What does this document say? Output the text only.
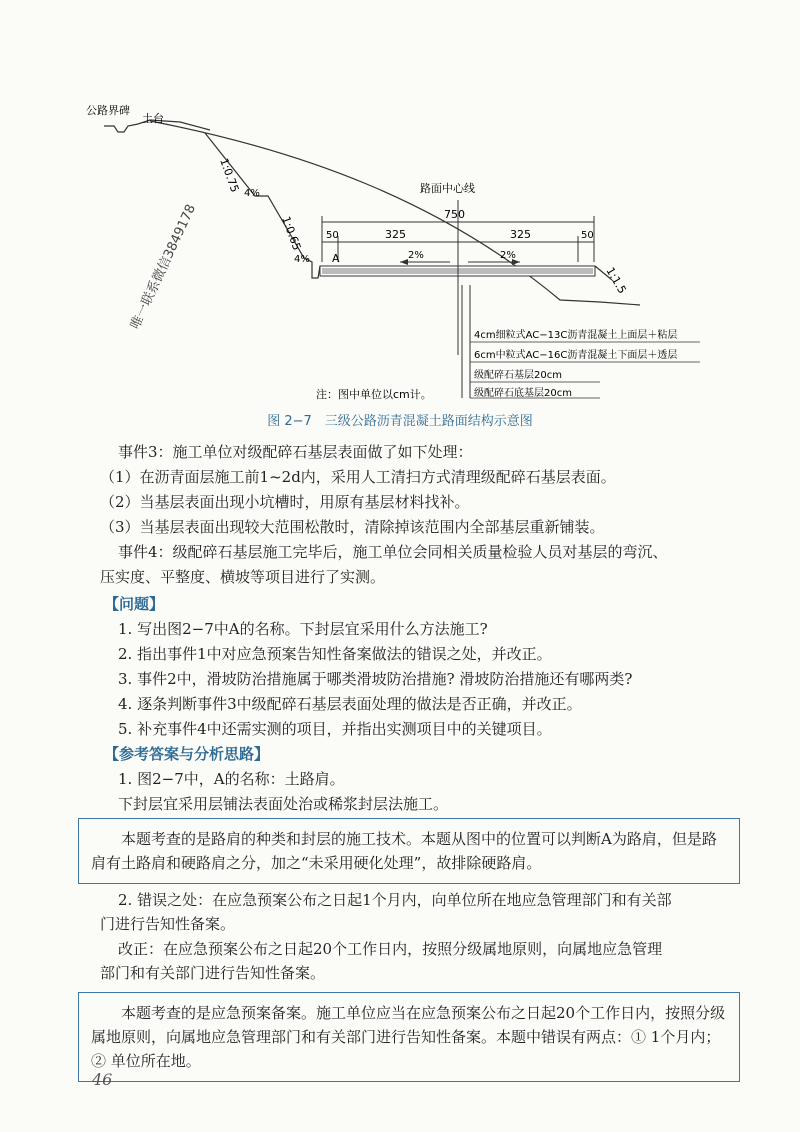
公路界碑
土台
路面中心线
1:0.75
1:0.65
1:1.5
4%
4%
750
50	325	325	50
A	2%	2%
4cm细粒式AC−13C沥青混凝土上面层＋粘层
6cm中粒式AC−16C沥青混凝土下面层＋透层
级配碎石基层20cm
级配碎石底基层20cm
注：图中单位以cm计。
唯一联系微信3849178
图 2−7　三级公路沥青混凝土路面结构示意图
事件3：施工单位对级配碎石基层表面做了如下处理：
（1）在沥青面层施工前1~2d内，采用人工清扫方式清理级配碎石基层表面。
（2）当基层表面出现小坑槽时，用原有基层材料找补。
（3）当基层表面出现较大范围松散时，清除掉该范围内全部基层重新铺装。
事件4：级配碎石基层施工完毕后，施工单位会同相关质量检验人员对基层的弯沉、
压实度、平整度、横坡等项目进行了实测。
【问题】
1. 写出图2−7中A的名称。下封层宜采用什么方法施工?
2. 指出事件1中对应急预案告知性备案做法的错误之处，并改正。
3. 事件2中，滑坡防治措施属于哪类滑坡防治措施? 滑坡防治措施还有哪两类?
4. 逐条判断事件3中级配碎石基层表面处理的做法是否正确，并改正。
5. 补充事件4中还需实测的项目，并指出实测项目中的关键项目。
【参考答案与分析思路】
1. 图2−7中，A的名称：土路肩。
下封层宜采用层铺法表面处治或稀浆封层法施工。
本题考查的是路肩的种类和封层的施工技术。本题从图中的位置可以判断A为路肩，但是路肩有土路肩和硬路肩之分，加之“未采用硬化处理”，故排除硬路肩。
2. 错误之处：在应急预案公布之日起1个月内，向单位所在地应急管理部门和有关部
门进行告知性备案。
改正：在应急预案公布之日起20个工作日内，按照分级属地原则，向属地应急管理
部门和有关部门进行告知性备案。
本题考查的是应急预案备案。施工单位应当在应急预案公布之日起20个工作日内，按照分级属地原则，向属地应急管理部门和有关部门进行告知性备案。本题中错误有两点：① 1个月内；② 单位所在地。
46
